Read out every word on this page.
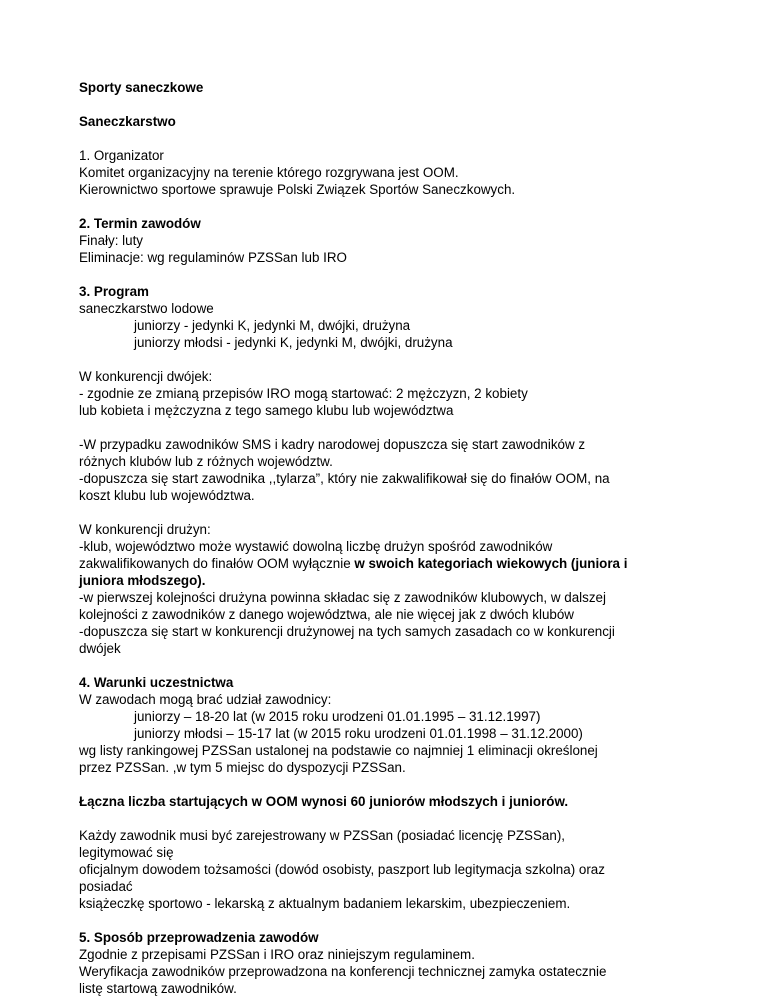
Sporty saneczkowe
Saneczkarstwo
1. Organizator
Komitet organizacyjny na terenie którego rozgrywana jest OOM.
Kierownictwo sportowe sprawuje Polski Związek Sportów Saneczkowych.
2. Termin zawodów
Finały: luty
Eliminacje: wg regulaminów PZSSan lub IRO
3. Program
saneczkarstwo lodowe
juniorzy - jedynki K, jedynki M, dwójki, drużyna
juniorzy młodsi - jedynki K, jedynki M, dwójki, drużyna
W konkurencji dwójek:
- zgodnie ze zmianą przepisów IRO mogą startować: 2 mężczyzn, 2 kobiety
lub kobieta i mężczyzna z tego samego klubu lub województwa
-W przypadku zawodników SMS i kadry narodowej dopuszcza się start zawodników z
różnych klubów lub z różnych województw.
-dopuszcza się start zawodnika ,,tylarza”, który nie zakwalifikował się do finałów OOM, na
koszt klubu lub województwa.
W konkurencji drużyn:
-klub, województwo może wystawić dowolną liczbę drużyn spośród zawodników
zakwalifikowanych do finałów OOM wyłącznie w swoich kategoriach wiekowych (juniora i
juniora młodszego).
-w pierwszej kolejności drużyna powinna składac się z zawodników klubowych, w dalszej
kolejności z zawodników z danego województwa, ale nie więcej jak z dwóch klubów
-dopuszcza się start w konkurencji drużynowej na tych samych zasadach co w konkurencji
dwójek
4. Warunki uczestnictwa
W zawodach mogą brać udział zawodnicy:
juniorzy – 18-20 lat (w 2015 roku urodzeni 01.01.1995 – 31.12.1997)
juniorzy młodsi – 15-17 lat (w 2015 roku urodzeni 01.01.1998 – 31.12.2000)
wg listy rankingowej PZSSan ustalonej na podstawie co najmniej 1 eliminacji określonej
przez PZSSan. ,w tym 5 miejsc do dyspozycji PZSSan.
Łączna liczba startujących w OOM wynosi 60 juniorów młodszych i juniorów.
Każdy zawodnik musi być zarejestrowany w PZSSan (posiadać licencję PZSSan),
legitymować się
oficjalnym dowodem tożsamości (dowód osobisty, paszport lub legitymacja szkolna) oraz
posiadać
książeczkę sportowo - lekarską z aktualnym badaniem lekarskim, ubezpieczeniem.
5. Sposób przeprowadzenia zawodów
Zgodnie z przepisami PZSSan i IRO oraz niniejszym regulaminem.
Weryfikacja zawodników przeprowadzona na konferencji technicznej zamyka ostatecznie
listę startową zawodników.
